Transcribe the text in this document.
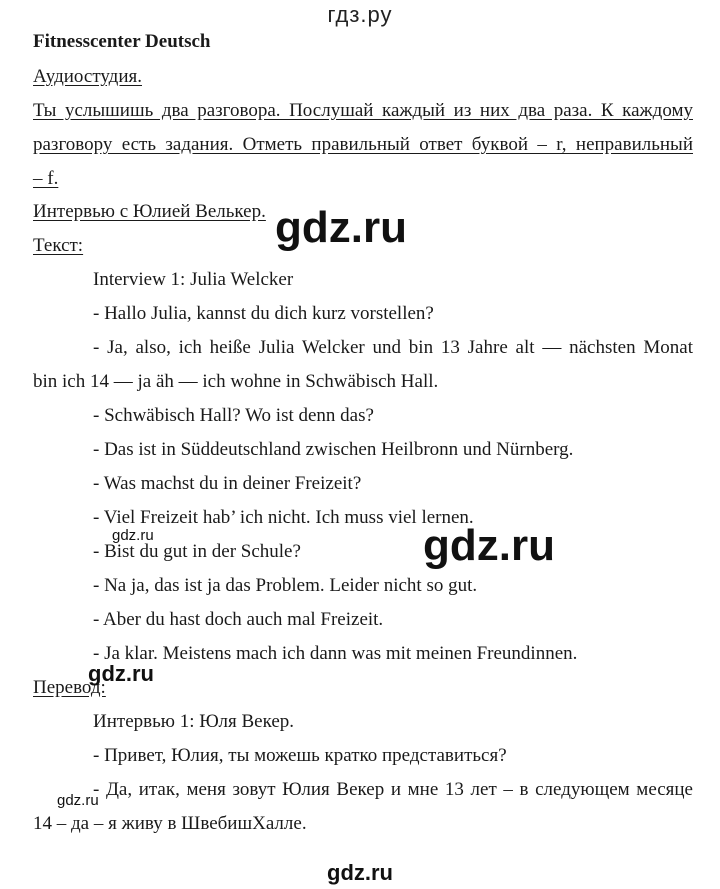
гдз.ру
Fitnesscenter Deutsch
Аудиостудия.
Ты услышишь два разговора. Послушай каждый из них два раза. К каждому
разговору есть задания. Отметь правильный ответ буквой – r, неправильный
– f.
Интервью с Юлией Велькер.
Текст:
Interview 1: Julia Welcker
- Hallo Julia, kannst du dich kurz vorstellen?
- Ja, also, ich heiße Julia Welcker und bin 13 Jahre alt — nächsten Monat
bin ich 14 — ja äh — ich wohne in Schwäbisch Hall.
- Schwäbisch Hall? Wo ist denn das?
- Das ist in Süddeutschland zwischen Heilbronn und Nürnberg.
- Was machst du in deiner Freizeit?
- Viel Freizeit hab’ ich nicht. Ich muss viel lernen.
- Bist du gut in der Schule?
- Na ja, das ist ja das Problem. Leider nicht so gut.
- Aber du hast doch auch mal Freizeit.
- Ja klar. Meistens mach ich dann was mit meinen Freundinnen.
Перевод:
Интервью 1: Юля Векер.
- Привет, Юлия, ты можешь кратко представиться?
- Да, итак, меня зовут Юлия Векер и мне 13 лет – в следующем месяце
14 – да – я живу в ШвебишХалле.
gdz.ru
gdz.ru
gdz.ru
gdz.ru
gdz.ru
gdz.ru
